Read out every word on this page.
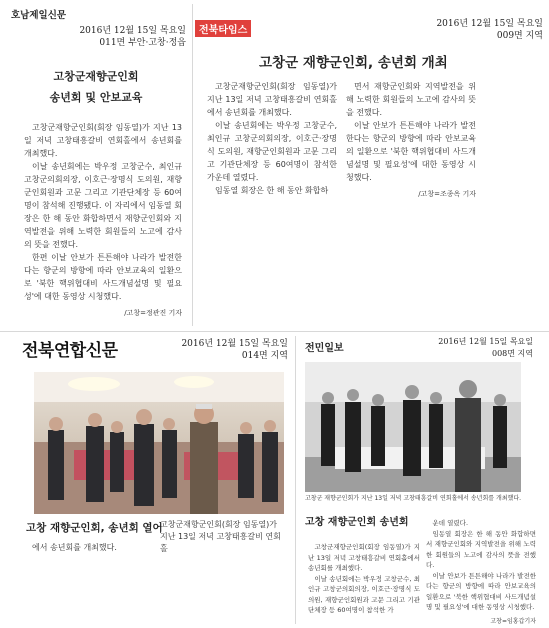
호남제일신문
2016년 12월 15일 목요일
011면 부안·고창·정읍
고창군재향군인회
송년회 및 안보교육

고창군재향군인회(회장 임동열)가 지난 13일 저녁 고창태흥갈비 연회홀에서 송년회를 개최했다.

이날 송년회에는 박우정 고창군수, 최인규 고창군의회의장, 이호근·장명식 도의원, 재향군인회원과 고문 그리고 기관단체장 등 60여명이 참석해 진행됐다. 이 자리에서 임동열 회장은 한 해 동안 화합하면서 재향군인회와 지역발전을 위해 노력한 회원들의 노고에 감사의 뜻을 전했다.

한편 이날 안보가 튼튼해야 나라가 발전한다는 향군의 방향에 따라 안보교육의 일환으로 '북한 핵위협대비 사드개념설명 및 필요성'에 대한 동영상 시청했다.

/고창=정관진 기자
전북타임스
2016년 12월 15일 목요일
009면 지역
고창군 재향군인회, 송년회 개최

고창군재향군인회(회장 임동열)가 지난 13일 저녁 고창태흥갈비 연회홀에서 송년회를 개최했다.

이날 송년회에는 박우정 고창군수, 최인규 고창군의회의장, 이호근·장명식 도의원, 재향군인회원과 고문 그리고 기관단체장 등 60여명이 참석한 가운데 열렸다.

임동열 회장은 한 해 동안 화합하

면서 재향군인회와 지역발전을 위해 노력한 회원들의 노고에 감사의 뜻을 전했다.

이날 안보가 튼튼해야 나라가 발전한다는 향군의 방향에 따라 안보교육의 일환으로 '북한 핵위협대비 사드개념설명 및 필요성'에 대한 동영상 시청했다.

/고창=조종옥 기자
전북연합신문	2016년 12월 15일 목요일
014면 지역
고창 재향군인회, 송년회 열어
고창군재향군인회(회장 임동열)가 지난 13일 저녁 고창태흥갈비 연회홀
에서 송년회를 개최했다.
전민일보
2016년 12월 15일 목요일
008면 지역
고창군 재향군인회가 지난 13일 저녁 고창태흥갈비 연회홀에서 송년회를 개최했다.
고창 재향군인회 송년회

고창군재향군인회(회장 임동열)가 지난 13일 저녁 고창태흥갈비 연회홀에서 송년회를 개최했다.

이날 송년회에는 박우정 고창군수, 최인규 고창군의회의장, 이호근·장명식 도의원, 재향군인회원과 고문 그리고 기관단체장 등 60여명이 참석한 가

운데 열렸다.

임동열 회장은 한 해 동안 화합하면서 재향군인회와 지역발전을 위해 노력한 회원들의 노고에 감사의 뜻을 전했다.

이날 안보가 튼튼해야 나라가 발전한다는 향군의 방향에 따라 안보교육의 일환으로 '북한 핵위협대비 사드개념설명 및 필요성'에 대한 동영상 시청했다.

고창=임홍갑기자
